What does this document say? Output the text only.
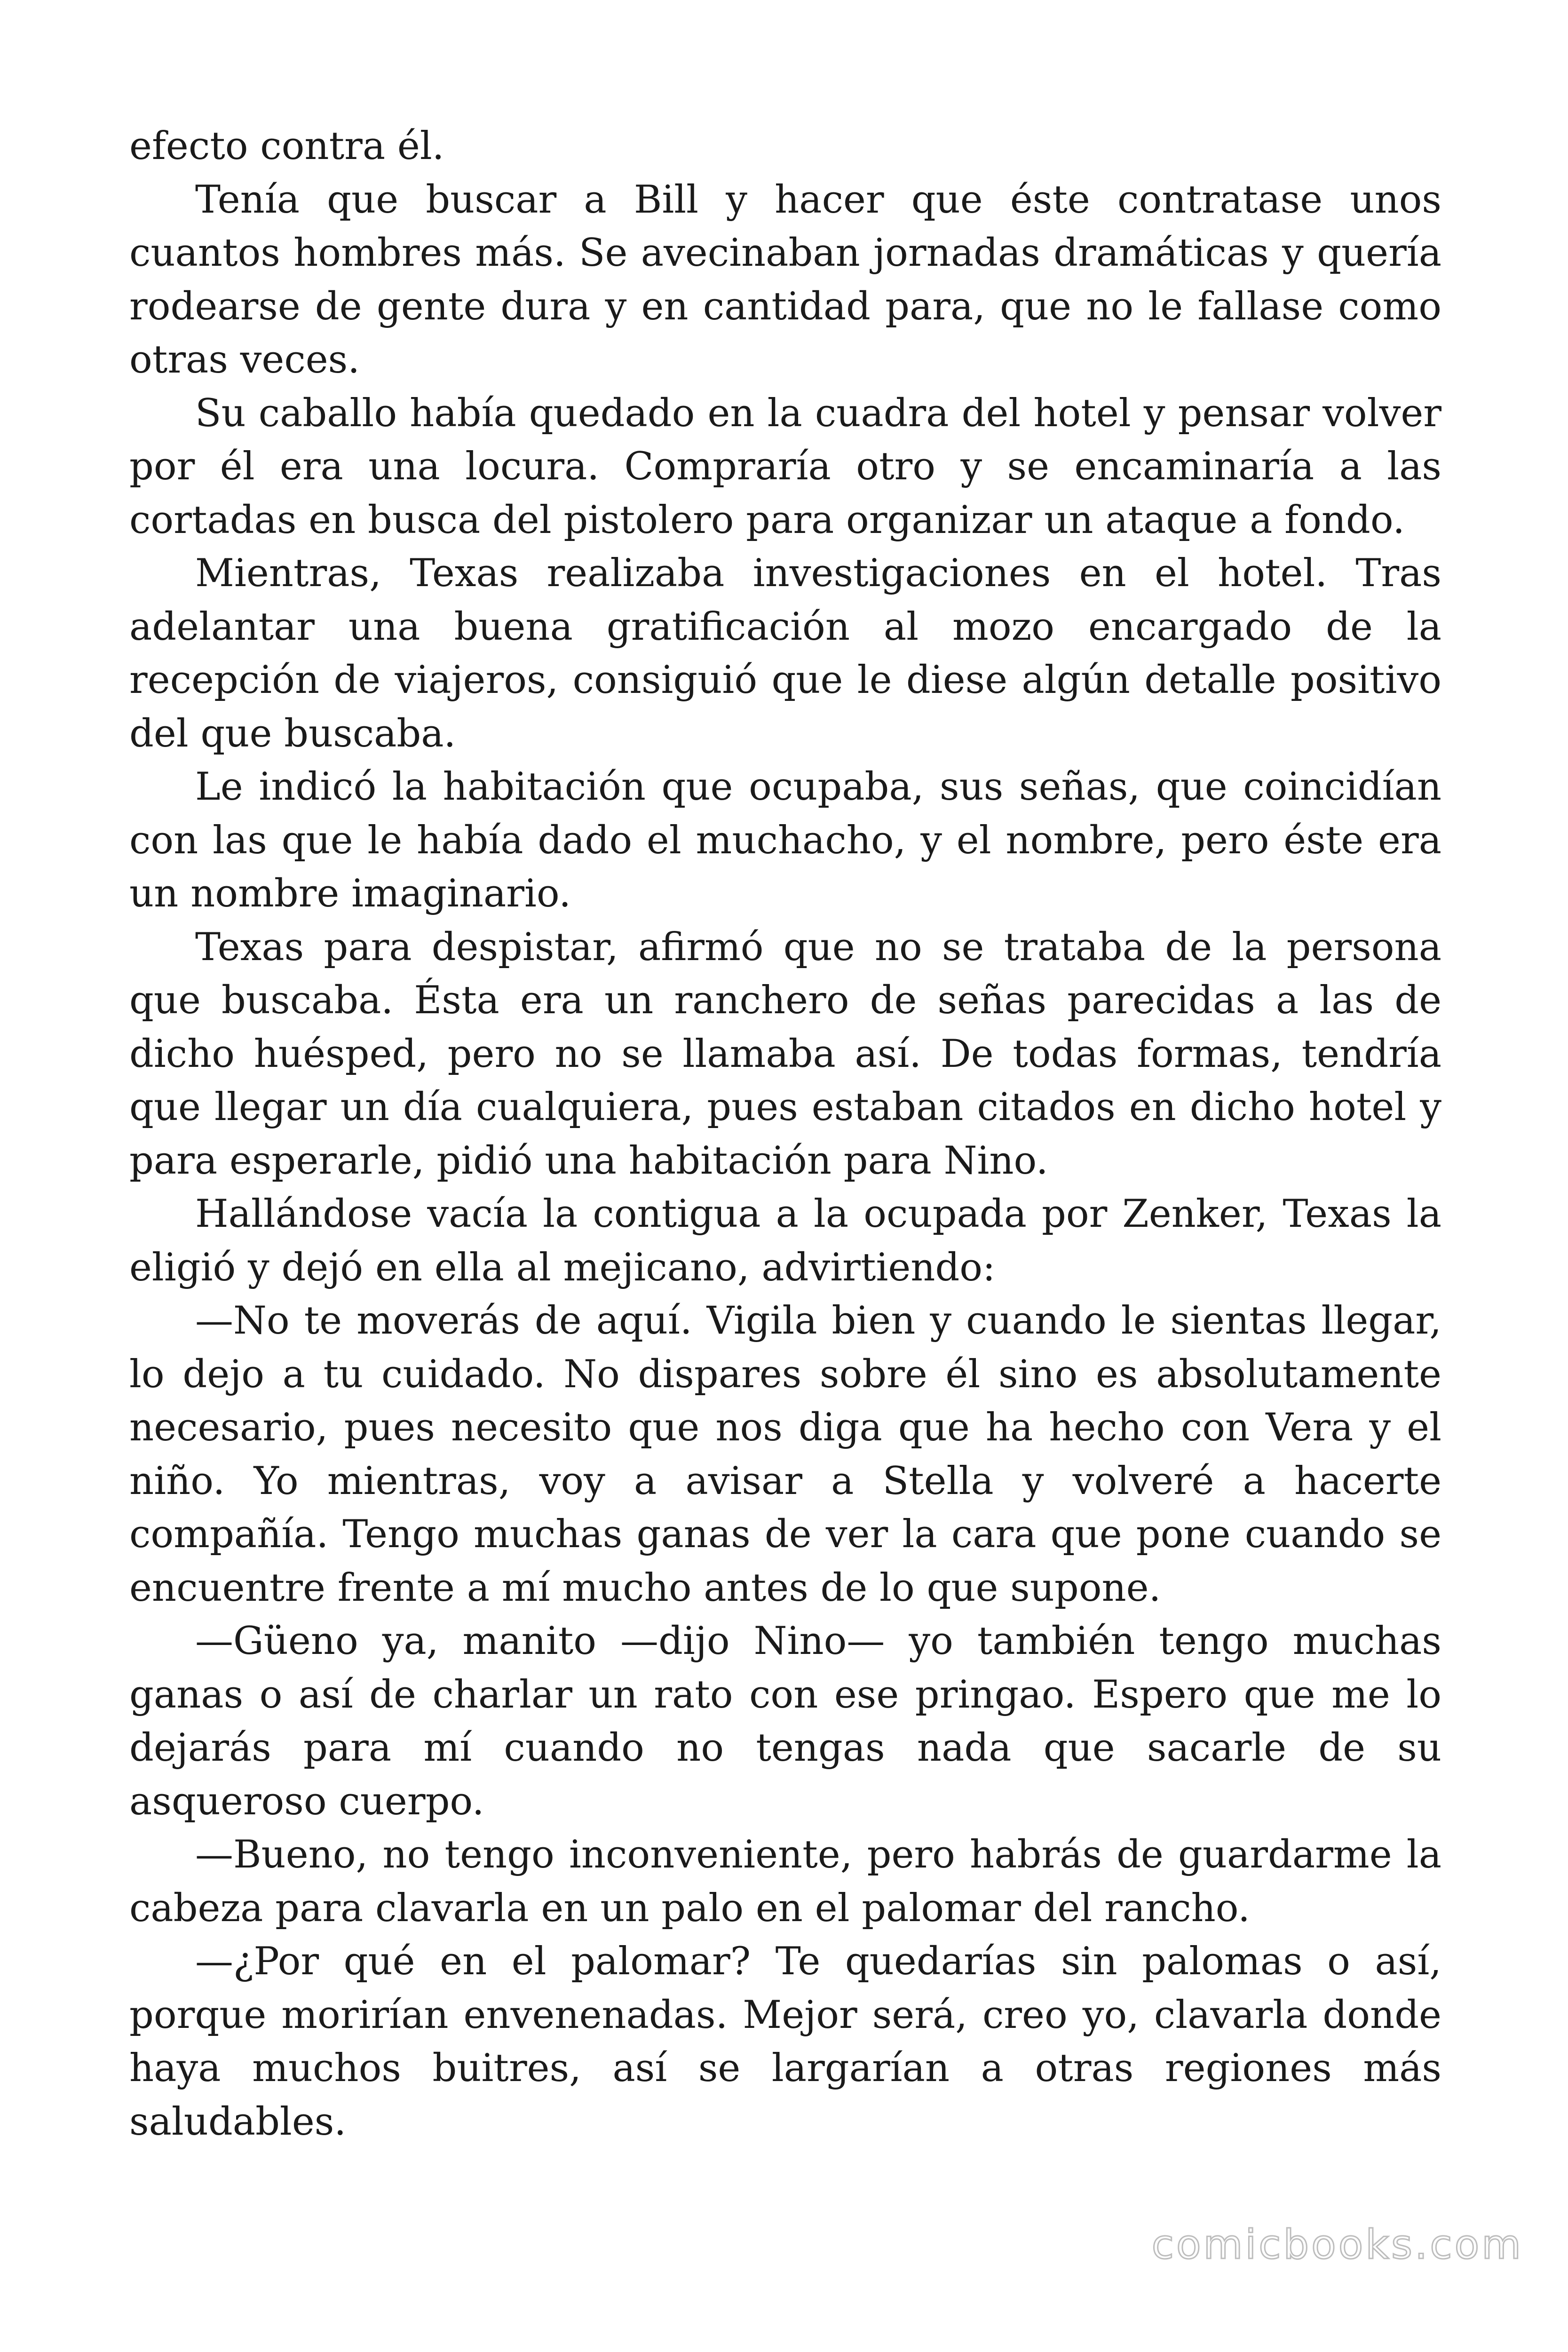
efecto contra él.

Tenía que buscar a Bill y hacer que éste contratase unos cuantos hombres más. Se avecinaban jornadas dramáticas y quería rodearse de gente dura y en cantidad para, que no le fallase como otras veces.

Su caballo había quedado en la cuadra del hotel y pensar volver por él era una locura. Compraría otro y se encaminaría a las cortadas en busca del pistolero para organizar un ataque a fondo.

Mientras, Texas realizaba investigaciones en el hotel. Tras adelantar una buena gratificación al mozo encargado de la recepción de viajeros, consiguió que le diese algún detalle positivo del que buscaba.

Le indicó la habitación que ocupaba, sus señas, que coincidían con las que le había dado el muchacho, y el nombre, pero éste era un nombre imaginario.

Texas para despistar, afirmó que no se trataba de la persona que buscaba. Ésta era un ranchero de señas parecidas a las de dicho huésped, pero no se llamaba así. De todas formas, tendría que llegar un día cualquiera, pues estaban citados en dicho hotel y para esperarle, pidió una habitación para Nino.

Hallándose vacía la contigua a la ocupada por Zenker, Texas la eligió y dejó en ella al mejicano, advirtiendo:

—No te moverás de aquí. Vigila bien y cuando le sientas llegar, lo dejo a tu cuidado. No dispares sobre él sino es absolutamente necesario, pues necesito que nos diga que ha hecho con Vera y el niño. Yo mientras, voy a avisar a Stella y volveré a hacerte compañía. Tengo muchas ganas de ver la cara que pone cuando se encuentre frente a mí mucho antes de lo que supone.

—Güeno ya, manito —dijo Nino— yo también tengo muchas ganas o así de charlar un rato con ese pringao. Espero que me lo dejarás para mí cuando no tengas nada que sacarle de su asqueroso cuerpo.

—Bueno, no tengo inconveniente, pero habrás de guardarme la cabeza para clavarla en un palo en el palomar del rancho.

—¿Por qué en el palomar? Te quedarías sin palomas o así, porque morirían envenenadas. Mejor será, creo yo, clavarla donde haya muchos buitres, así se largarían a otras regiones más saludables.

comicbooks.com
